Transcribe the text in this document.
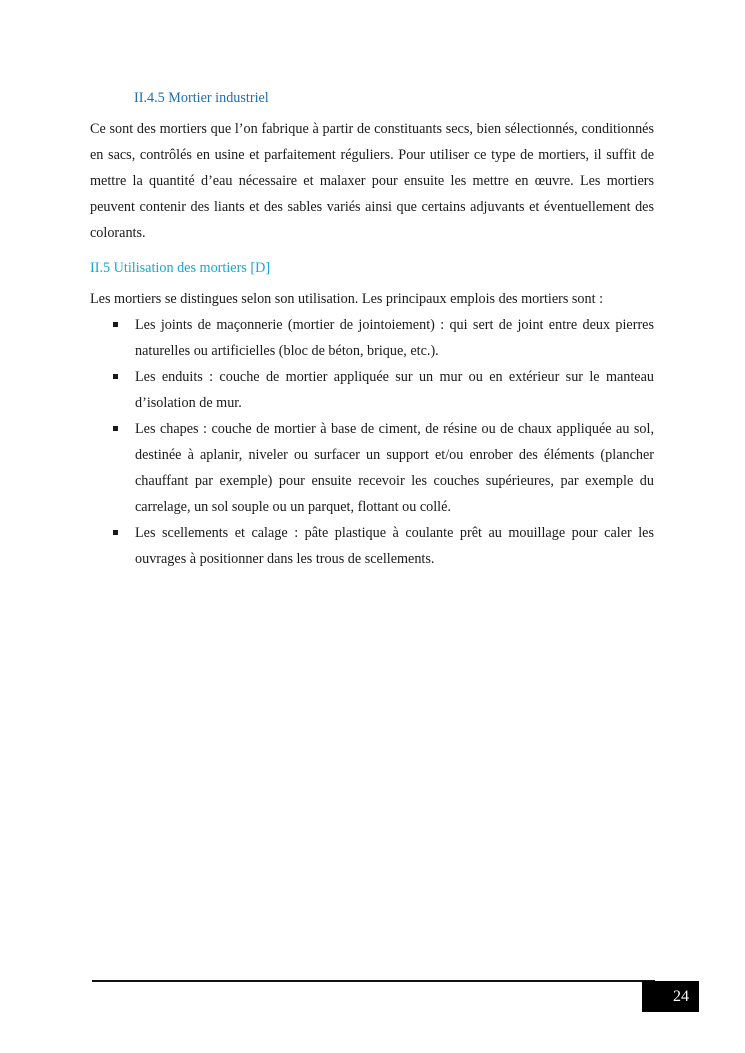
II.4.5 Mortier industriel

Ce sont des mortiers que l’on fabrique à partir de constituants secs, bien sélectionnés, conditionnés en sacs, contrôlés en usine et parfaitement réguliers. Pour utiliser ce type de mortiers, il suffit de mettre la quantité d’eau nécessaire et malaxer pour ensuite les mettre en œuvre. Les mortiers peuvent contenir des liants et des sables variés ainsi que certains adjuvants et éventuellement des colorants.

II.5 Utilisation des mortiers [D]

Les mortiers se distingues selon son utilisation. Les principaux emplois des mortiers sont :

Les joints de maçonnerie (mortier de jointoiement) : qui sert de joint entre deux pierres naturelles ou artificielles (bloc de béton, brique, etc.).
Les enduits : couche de mortier appliquée sur un mur ou en extérieur sur le manteau d’isolation de mur.
Les chapes : couche de mortier à base de ciment, de résine ou de chaux appliquée au sol, destinée à aplanir, niveler ou surfacer un support et/ou enrober des éléments (plancher chauffant par exemple) pour ensuite recevoir les couches supérieures, par exemple du carrelage, un sol souple ou un parquet, flottant ou collé.
Les scellements et calage : pâte plastique à coulante prêt au mouillage pour caler les ouvrages à positionner dans les trous de scellements.
24
